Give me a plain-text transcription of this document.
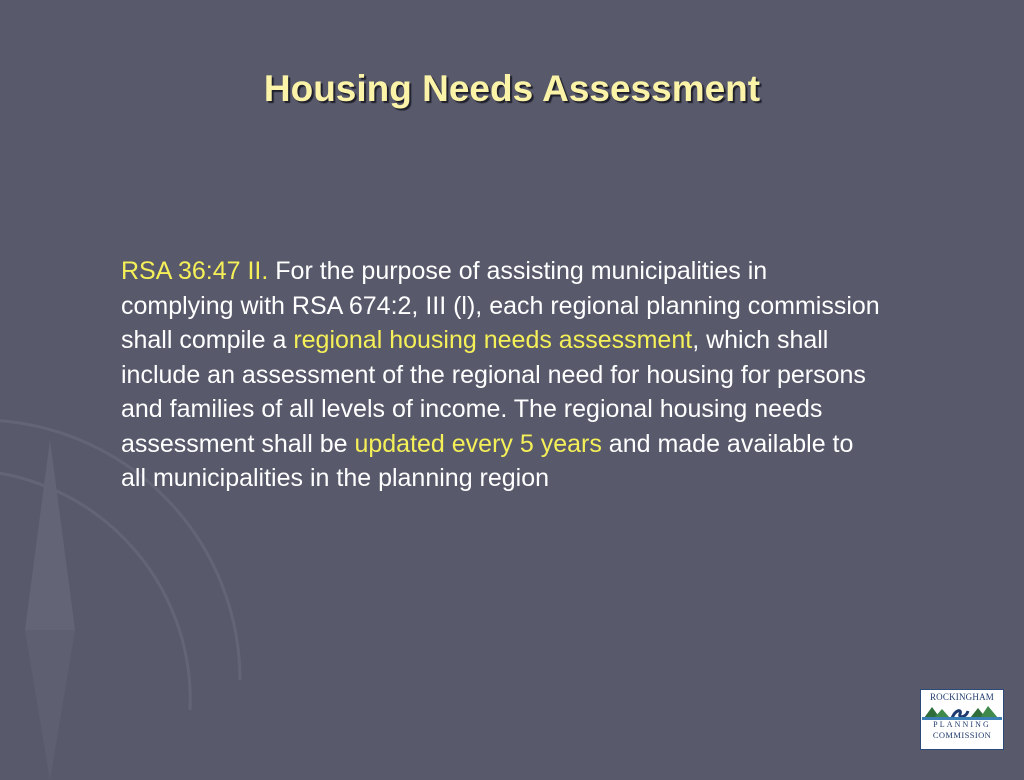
Housing Needs Assessment

RSA 36:47 II. For the purpose of assisting municipalities in complying with RSA 674:2, III (l), each regional planning commission shall compile a regional housing needs assessment, which shall include an assessment of the regional need for housing for persons and families of all levels of income. The regional housing needs assessment shall be updated every 5 years and made available to all municipalities in the planning region

ROCKINGHAM
PLANNING
COMMISSION
